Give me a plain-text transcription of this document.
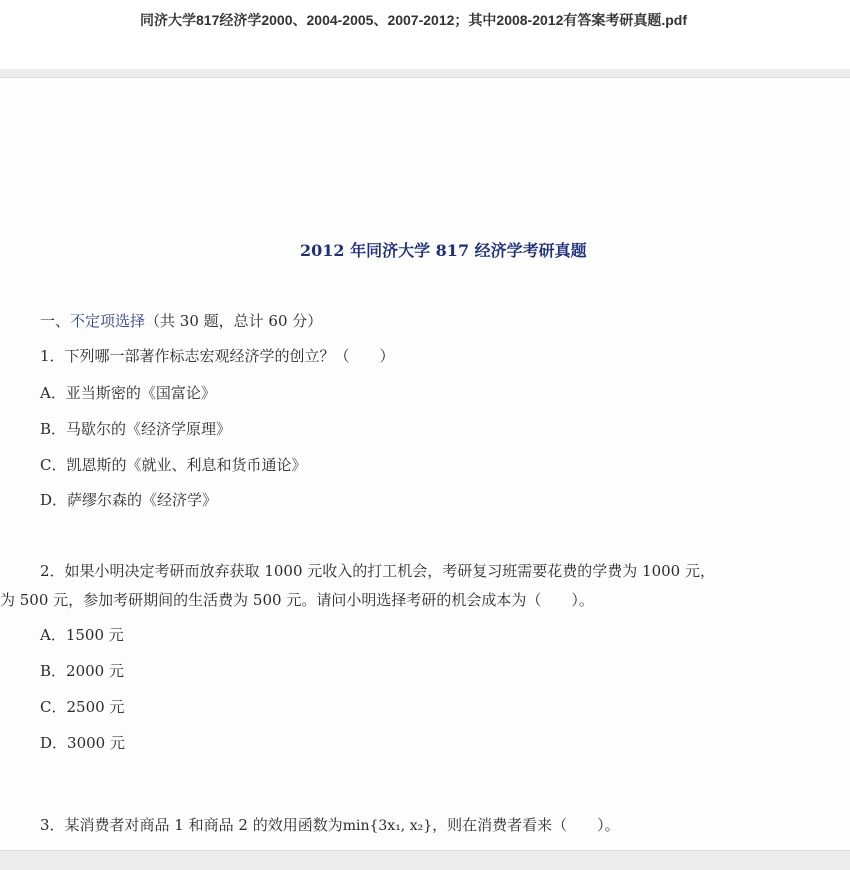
同济大学817经济学2000、2004-2005、2007-2012；其中2008-2012有答案考研真题.pdf
2012 年同济大学 817 经济学考研真题
一、不定项选择（共 30 题，总计 60 分）
1．下列哪一部著作标志宏观经济学的创立？（　　）
A．亚当斯密的《国富论》
B．马歇尔的《经济学原理》
C．凯恩斯的《就业、利息和货币通论》
D．萨缪尔森的《经济学》
2．如果小明决定考研而放弃获取 1000 元收入的打工机会，考研复习班需要花费的学费为 1000 元，
为 500 元，参加考研期间的生活费为 500 元。请问小明选择考研的机会成本为（　　）。
A．1500 元
B．2000 元
C．2500 元
D．3000 元
3．某消费者对商品 1 和商品 2 的效用函数为min{3x₁, x₂}，则在消费者看来（　　）。
